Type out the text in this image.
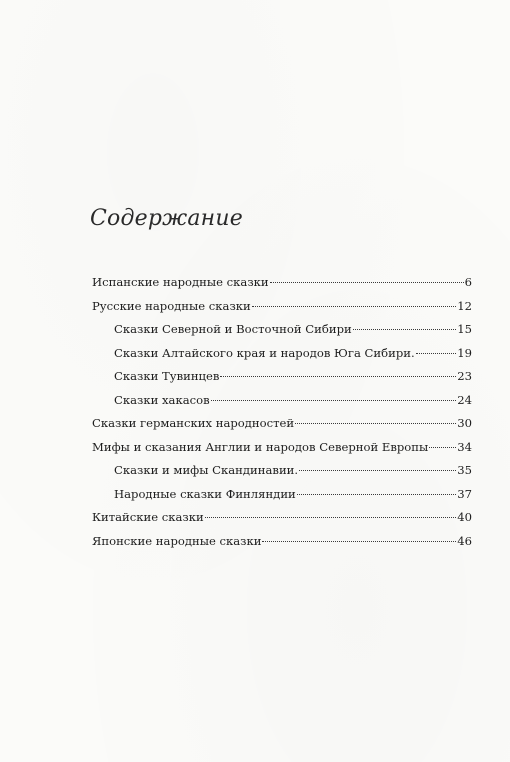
Содержание
Испанские народные сказки	6
Русские народные сказки	12
Сказки Северной и Восточной Сибири	15
Сказки Алтайского края и народов Юга Сибири.	19
Сказки Тувинцев	23
Сказки хакасов	24
Сказки германских народностей	30
Мифы и сказания Англии и народов Северной Европы	34
Сказки и мифы Скандинавии.	35
Народные сказки Финляндии	37
Китайские сказки	40
Японские народные сказки	46
